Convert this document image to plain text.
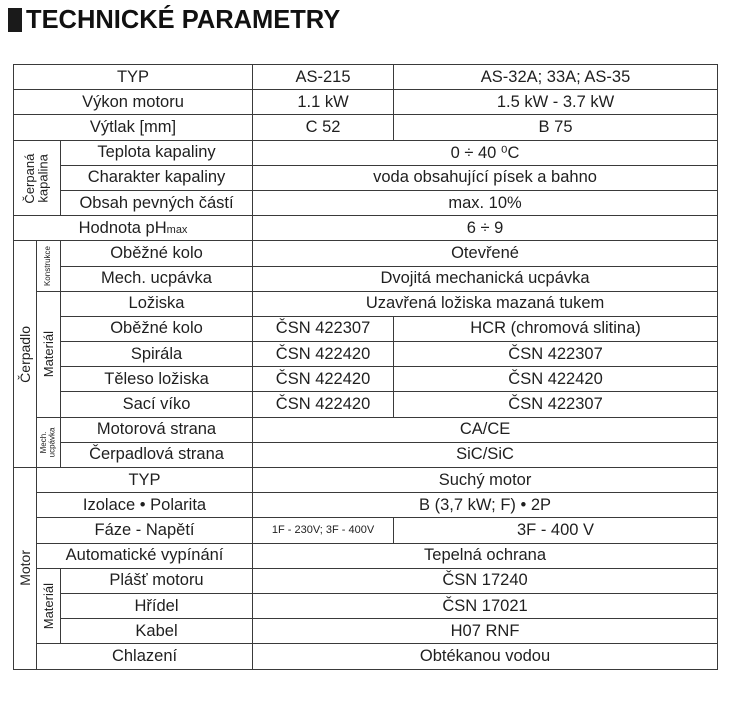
TECHNICKÉ PARAMETRY
TYP			AS-215	AS-32A; 33A; AS-35
Výkon motoru			1.1 kW	1.5 kW - 3.7 kW
Výtlak [mm]			C 52	B 75

Čerpaná kapalina		Teplota kapaliny	0 ÷ 40 ⁰C	
		Charakter kapaliny	voda obsahující písek a bahno	
		Obsah pevných částí	max. 10%	
Hodnota pHmax			6 ÷ 9	

Čerpadlo	Konstrukce	Oběžné kolo	Otevřené	
		Mech. ucpávka	Dvojitá mechanická ucpávka	

	Materiál	Ložiska	Uzavřená ložiska mazaná tukem	
		Oběžné kolo	ČSN 422307	HCR (chromová slitina)
		Spirála	ČSN 422420	ČSN 422307
		Těleso ložiska	ČSN 422420	ČSN 422420
		Sací víko	ČSN 422420	ČSN 422307

	Mech. ucpávka	Motorová strana	CA/CE	
		Čerpadlová strana	SiC/SiC	

Motor	TYP		Suchý motor	
	Izolace • Polarita		B (3,7 kW; F) • 2P	
	Fáze - Napětí		1F - 230V; 3F - 400V	3F - 400 V
	Automatické vypínání		Tepelná ochrana	

	Materiál	Plášť motoru	ČSN 17240	
		Hřídel	ČSN 17021	
		Kabel	H07 RNF	
	Chlazení		Obtékanou vodou	
